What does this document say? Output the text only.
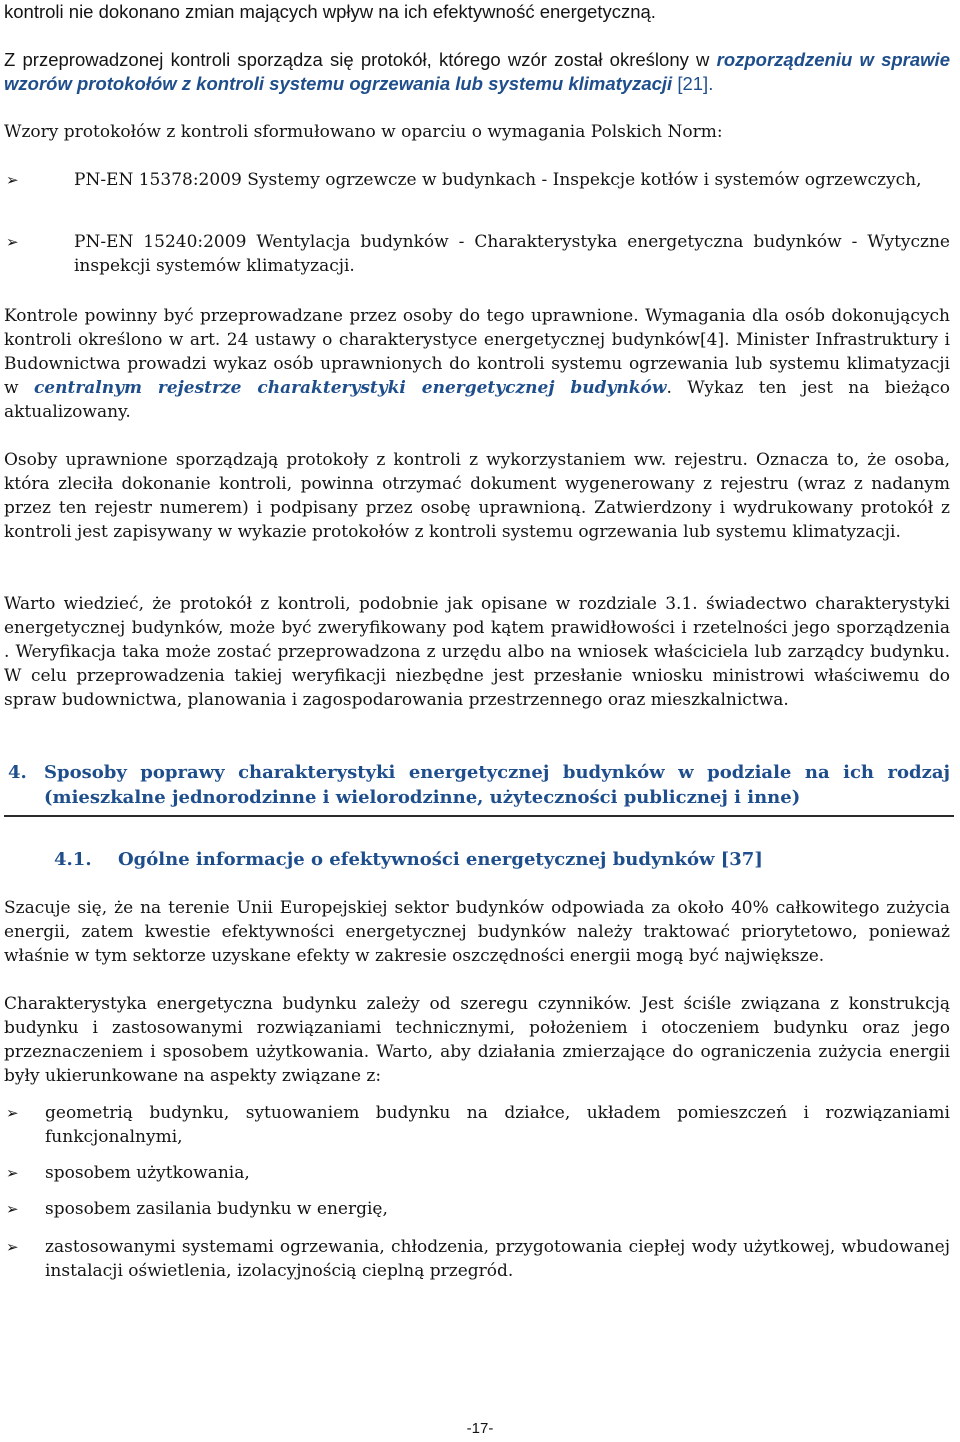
kontroli nie dokonano zmian mających wpływ na ich efektywność energetyczną.

Z przeprowadzonej kontroli sporządza się protokół, którego wzór został określony w rozporządzeniu w sprawie wzorów protokołów z kontroli systemu ogrzewania lub systemu klimatyzacji [21].

Wzory protokołów z kontroli sformułowano w oparciu o wymagania Polskich Norm:

➢	PN-EN 15378:2009 Systemy ogrzewcze w budynkach - Inspekcje kotłów i systemów ogrzewczych,

➢	PN-EN 15240:2009 Wentylacja budynków - Charakterystyka energetyczna budynków - Wytyczne inspekcji systemów klimatyzacji.

Kontrole powinny być przeprowadzane przez osoby do tego uprawnione. Wymagania dla osób dokonujących kontroli określono w art. 24 ustawy o charakterystyce energetycznej budynków[4]. Minister Infrastruktury i Budownictwa prowadzi wykaz osób uprawnionych do kontroli systemu ogrzewania lub systemu klimatyzacji w centralnym rejestrze charakterystyki energetycznej budynków. Wykaz ten jest na bieżąco aktualizowany.

Osoby uprawnione sporządzają protokoły z kontroli z wykorzystaniem ww. rejestru. Oznacza to, że osoba, która zleciła dokonanie kontroli, powinna otrzymać dokument wygenerowany z rejestru (wraz z nadanym przez ten rejestr numerem) i podpisany przez osobę uprawnioną. Zatwierdzony i wydrukowany protokół z kontroli jest zapisywany w wykazie protokołów z kontroli systemu ogrzewania lub systemu klimatyzacji.

Warto wiedzieć, że protokół z kontroli, podobnie jak opisane w rozdziale 3.1. świadectwo charakterystyki energetycznej budynków, może być zweryfikowany pod kątem prawidłowości i rzetelności jego sporządzenia . Weryfikacja taka może zostać przeprowadzona z urzędu albo na wniosek właściciela lub zarządcy budynku. W celu przeprowadzenia takiej weryfikacji niezbędne jest przesłanie wniosku ministrowi właściwemu do spraw budownictwa, planowania i zagospodarowania przestrzennego oraz mieszkalnictwa.

4. Sposoby poprawy charakterystyki energetycznej budynków w podziale na ich rodzaj (mieszkalne jednorodzinne i wielorodzinne, użyteczności publicznej i inne)

4.1. Ogólne informacje o efektywności energetycznej budynków [37]

Szacuje się, że na terenie Unii Europejskiej sektor budynków odpowiada za około 40% całkowitego zużycia energii, zatem kwestie efektywności energetycznej budynków należy traktować priorytetowo, ponieważ właśnie w tym sektorze uzyskane efekty w zakresie oszczędności energii mogą być największe.

Charakterystyka energetyczna budynku zależy od szeregu czynników. Jest ściśle związana z konstrukcją budynku i zastosowanymi rozwiązaniami technicznymi, położeniem i otoczeniem budynku oraz jego przeznaczeniem i sposobem użytkowania. Warto, aby działania zmierzające do ograniczenia zużycia energii były ukierunkowane na aspekty związane z:

➢ geometrią budynku, sytuowaniem budynku na działce, układem pomieszczeń i rozwiązaniami funkcjonalnymi,

➢ sposobem użytkowania,

➢ sposobem zasilania budynku w energię,

➢ zastosowanymi systemami ogrzewania, chłodzenia, przygotowania ciepłej wody użytkowej, wbudowanej instalacji oświetlenia, izolacyjnością cieplną przegród.

-17-
